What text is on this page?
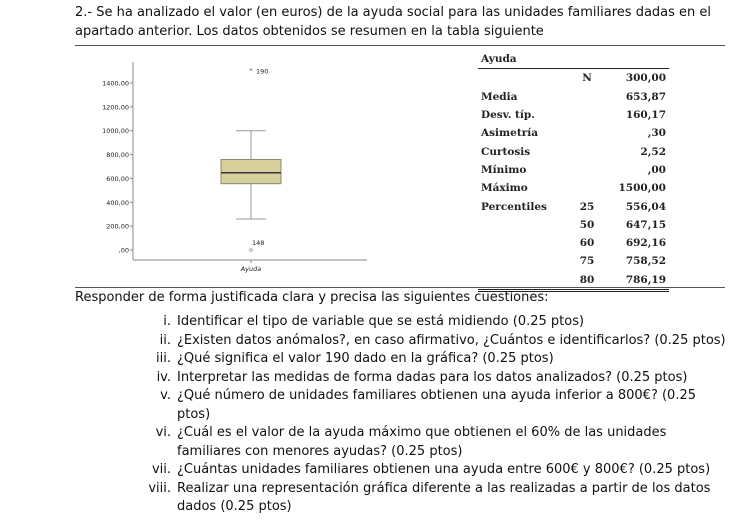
2.- Se ha analizado el valor (en euros) de la ayuda social para las unidades familiares dadas en el apartado anterior. Los datos obtenidos se resumen en la tabla siguiente
,00
200,00
400,00
600,00
800,00
1000,00
1200,00
1400,00
Ayuda
* 190
148
Ayuda		
	N	300,00
Media		653,87
Desv. típ.		160,17
Asimetría		,30
Curtosis		2,52
Mínimo		,00
Máximo		1500,00
Percentiles	25	556,04
	50	647,15
	60	692,16
	75	758,52
	80	786,19
Responder de forma justificada clara y precisa las siguientes cuestiones:
i. Identificar el tipo de variable que se está midiendo (0.25 ptos)
ii. ¿Existen datos anómalos?, en caso afirmativo, ¿Cuántos e identificarlos? (0.25 ptos)
iii. ¿Qué significa el valor 190 dado en la gráfica? (0.25 ptos)
iv. Interpretar las medidas de forma dadas para los datos analizados? (0.25 ptos)
v. ¿Qué número de unidades familiares obtienen una ayuda inferior a 800€? (0.25 ptos)
vi. ¿Cuál es el valor de la ayuda máximo que obtienen el 60% de las unidades familiares con menores ayudas? (0.25 ptos)
vii. ¿Cuántas unidades familiares obtienen una ayuda entre 600€ y 800€? (0.25 ptos)
viii. Realizar una representación gráfica diferente a las realizadas a partir de los datos dados (0.25 ptos)
